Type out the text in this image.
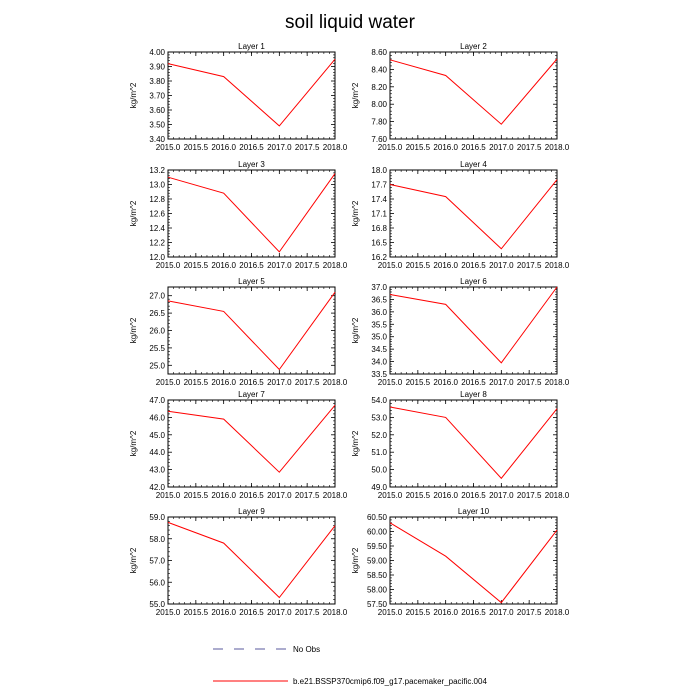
soil liquid water
Layer 1
kg/m^2
2015.0 2015.5 2016.0 2016.5 2017.0 2017.5 2018.0
3.40
3.50
3.60
3.70
3.80
3.90
4.00
Layer 2
kg/m^2
2015.0 2015.5 2016.0 2016.5 2017.0 2017.5 2018.0
7.60
7.80
8.00
8.20
8.40
8.60
Layer 3
kg/m^2
2015.0 2015.5 2016.0 2016.5 2017.0 2017.5 2018.0
12.0
12.2
12.4
12.6
12.8
13.0
13.2
Layer 4
kg/m^2
2015.0 2015.5 2016.0 2016.5 2017.0 2017.5 2018.0
16.2
16.5
16.8
17.1
17.4
17.7
18.0
Layer 5
kg/m^2
2015.0 2015.5 2016.0 2016.5 2017.0 2017.5 2018.0
25.0
25.5
26.0
26.5
27.0
Layer 6
kg/m^2
2015.0 2015.5 2016.0 2016.5 2017.0 2017.5 2018.0
33.5
34.0
34.5
35.0
35.5
36.0
36.5
37.0
Layer 7
kg/m^2
2015.0 2015.5 2016.0 2016.5 2017.0 2017.5 2018.0
42.0
43.0
44.0
45.0
46.0
47.0
Layer 8
kg/m^2
2015.0 2015.5 2016.0 2016.5 2017.0 2017.5 2018.0
49.0
50.0
51.0
52.0
53.0
54.0
Layer 9
kg/m^2
2015.0 2015.5 2016.0 2016.5 2017.0 2017.5 2018.0
55.0
56.0
57.0
58.0
59.0
Layer 10
kg/m^2
2015.0 2015.5 2016.0 2016.5 2017.0 2017.5 2018.0
57.50
58.00
58.50
59.00
59.50
60.00
60.50
No Obs
b.e21.BSSP370cmip6.f09_g17.pacemaker_pacific.004
